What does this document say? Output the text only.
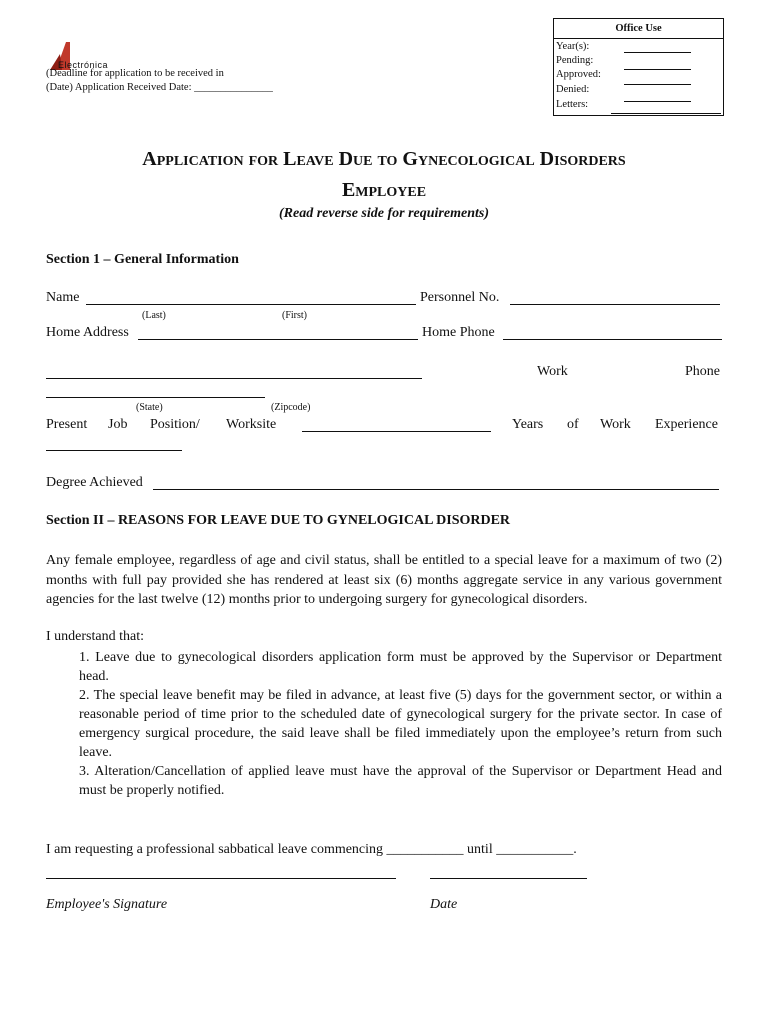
Electrónica
(Deadline for application to be received in
(Date) Application Received Date: _______________
Office Use
Year(s):
Pending:
Approved:
Denied:
Letters:
Application for Leave Due to Gynecological Disorders
Employee
(Read reverse side for requirements)
Section 1 – General Information
Name	Personnel No.
(Last)	(First)
Home Address	Home Phone
Work	Phone
(State)	(Zipcode)
Present Job Position/ Worksite	Years of Work Experience
Degree Achieved
Section II – REASONS FOR LEAVE DUE TO GYNELOGICAL DISORDER
Any female employee, regardless of age and civil status, shall be entitled to a special leave for a maximum of two (2) months with full pay provided she has rendered at least six (6) months aggregate service in any various government agencies for the last twelve (12) months prior to undergoing surgery for gynecological disorders.
I understand that:

1. Leave due to gynecological disorders application form must be approved by the Supervisor or Department head.

2. The special leave benefit may be filed in advance, at least five (5) days for the government sector, or within a reasonable period of time prior to the scheduled date of gynecological surgery for the private sector. In case of emergency surgical procedure, the said leave shall be filed immediately upon the employee’s return from such leave.

3. Alteration/Cancellation of applied leave must have the approval of the Supervisor or Department Head and must be properly notified.

I am requesting a professional sabbatical leave commencing ___________ until ___________.
Employee's Signature	Date
